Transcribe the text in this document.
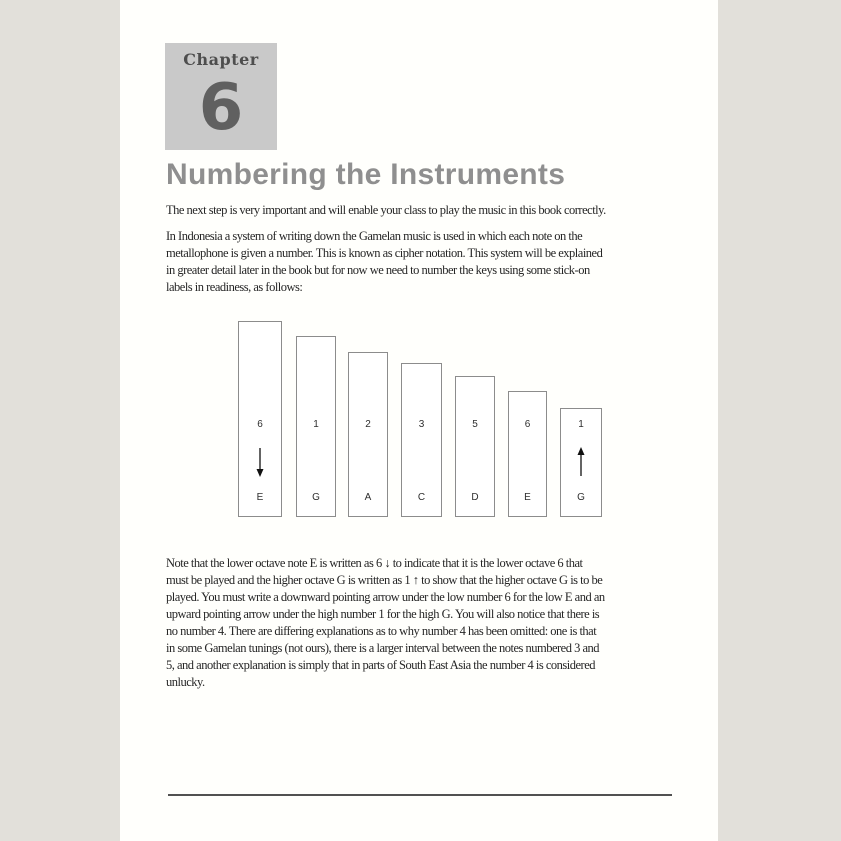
Chapter
6
Numbering the Instruments
The next step is very important and will enable your class to play the music in this book correctly.
In Indonesia a system of writing down the Gamelan music is used in which each note on the
metallophone is given a number. This is known as cipher notation. This system will be explained
in greater detail later in the book but for now we need to number the keys using some stick-on
labels in readiness, as follows:
6
E
1
G
2
A
3
C
5
D
6
E
1
G
Note that the lower octave note E is written as 6 ↓ to indicate that it is the lower octave 6 that
must be played and the higher octave G is written as 1 ↑ to show that the higher octave G is to be
played. You must write a downward pointing arrow under the low number 6 for the low E and an
upward pointing arrow under the high number 1 for the high G. You will also notice that there is
no number 4. There are differing explanations as to why number 4 has been omitted: one is that
in some Gamelan tunings (not ours), there is a larger interval between the notes numbered 3 and
5, and another explanation is simply that in parts of South East Asia the number 4 is considered
unlucky.
